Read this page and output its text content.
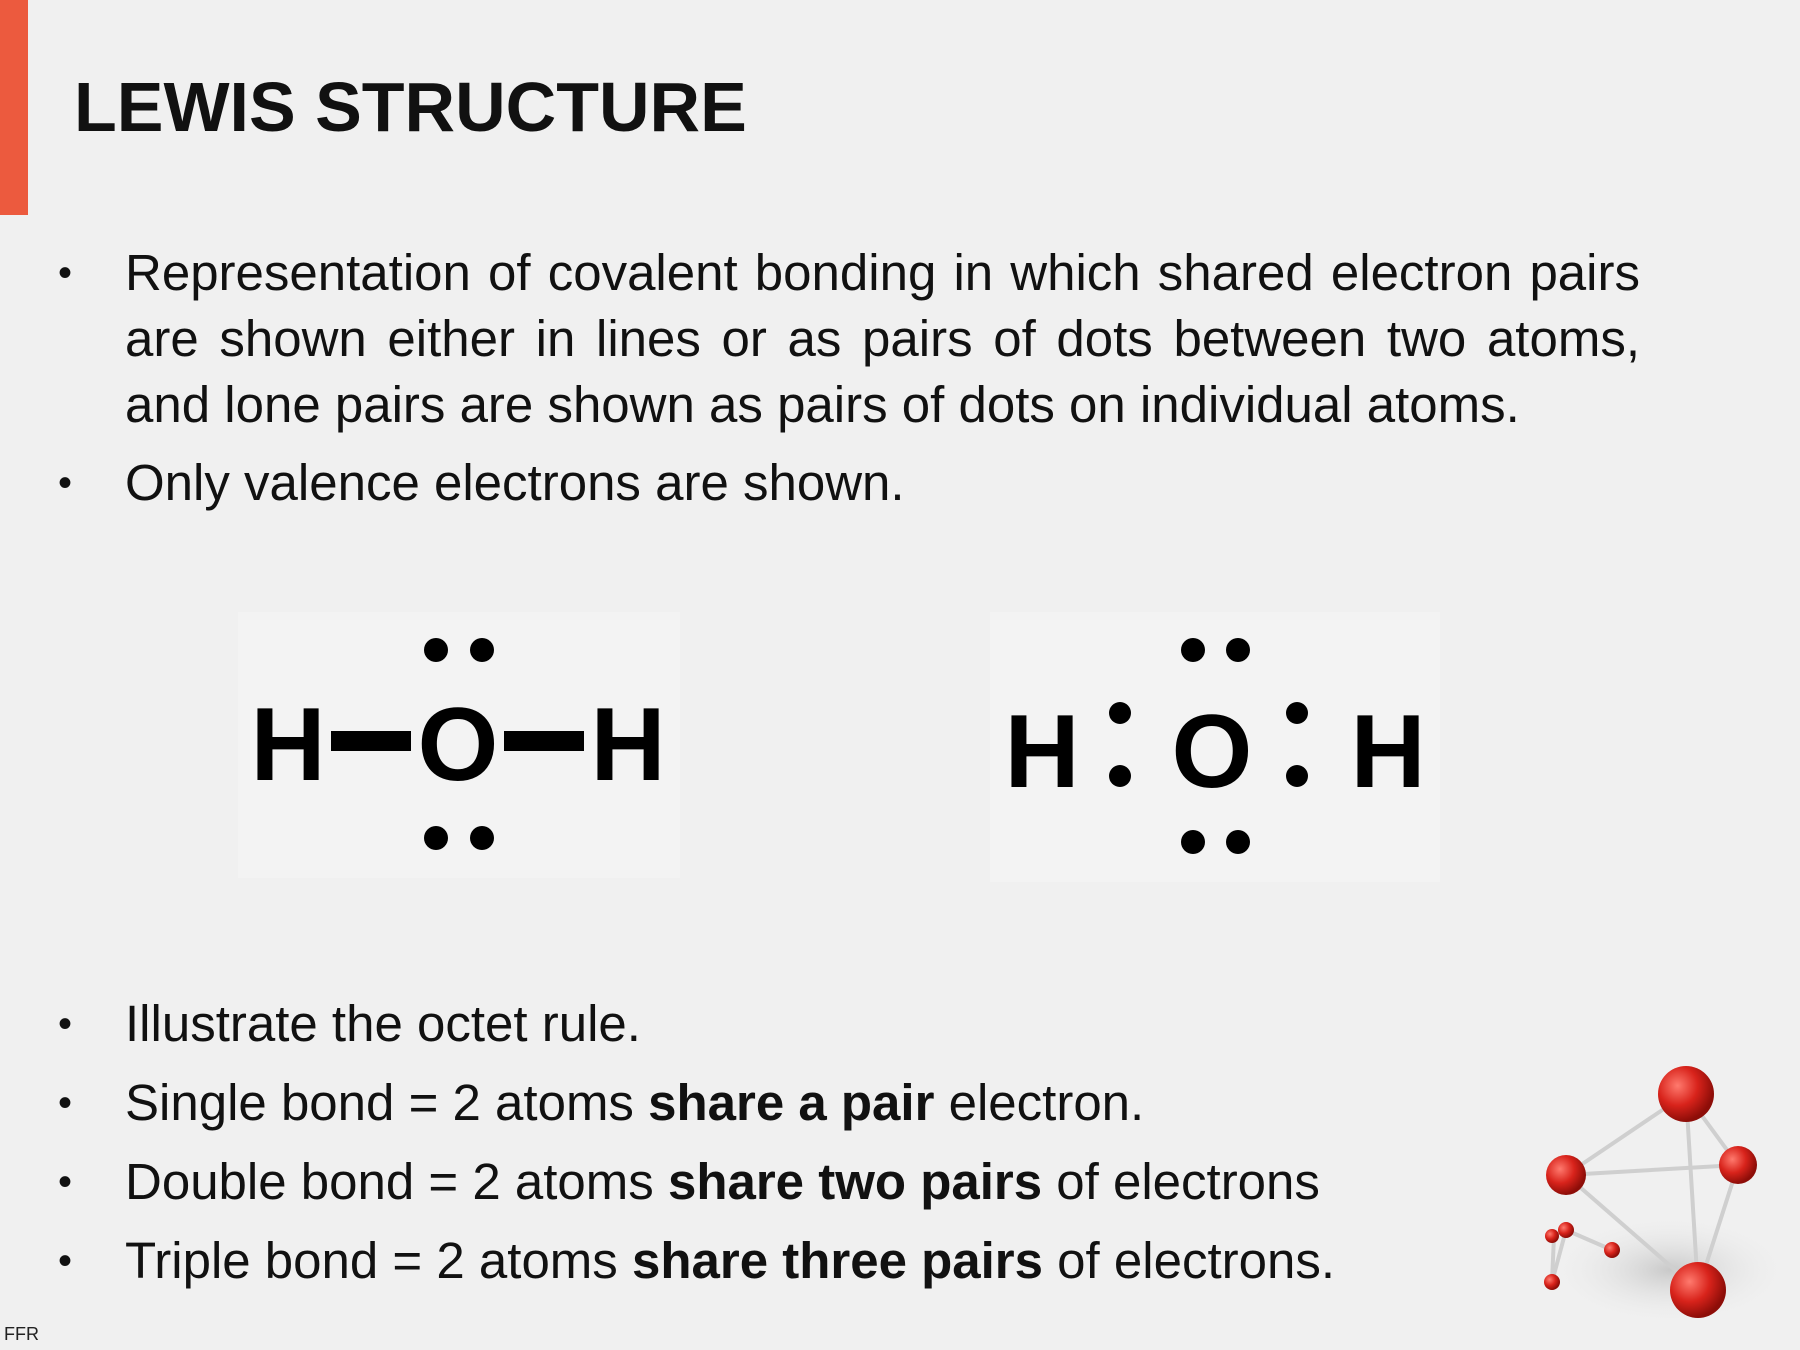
LEWIS STRUCTURE
• Representation of covalent bonding in which shared electron pairs are shown either in lines or as pairs of dots between two atoms, and lone pairs are shown as pairs of dots on individual atoms.
• Only valence electrons are shown.
H O H	H O H
• Illustrate the octet rule.
• Single bond = 2 atoms share a pair electron.
• Double bond = 2 atoms share two pairs of electrons
• Triple bond = 2 atoms share three pairs of electrons.
FFR
